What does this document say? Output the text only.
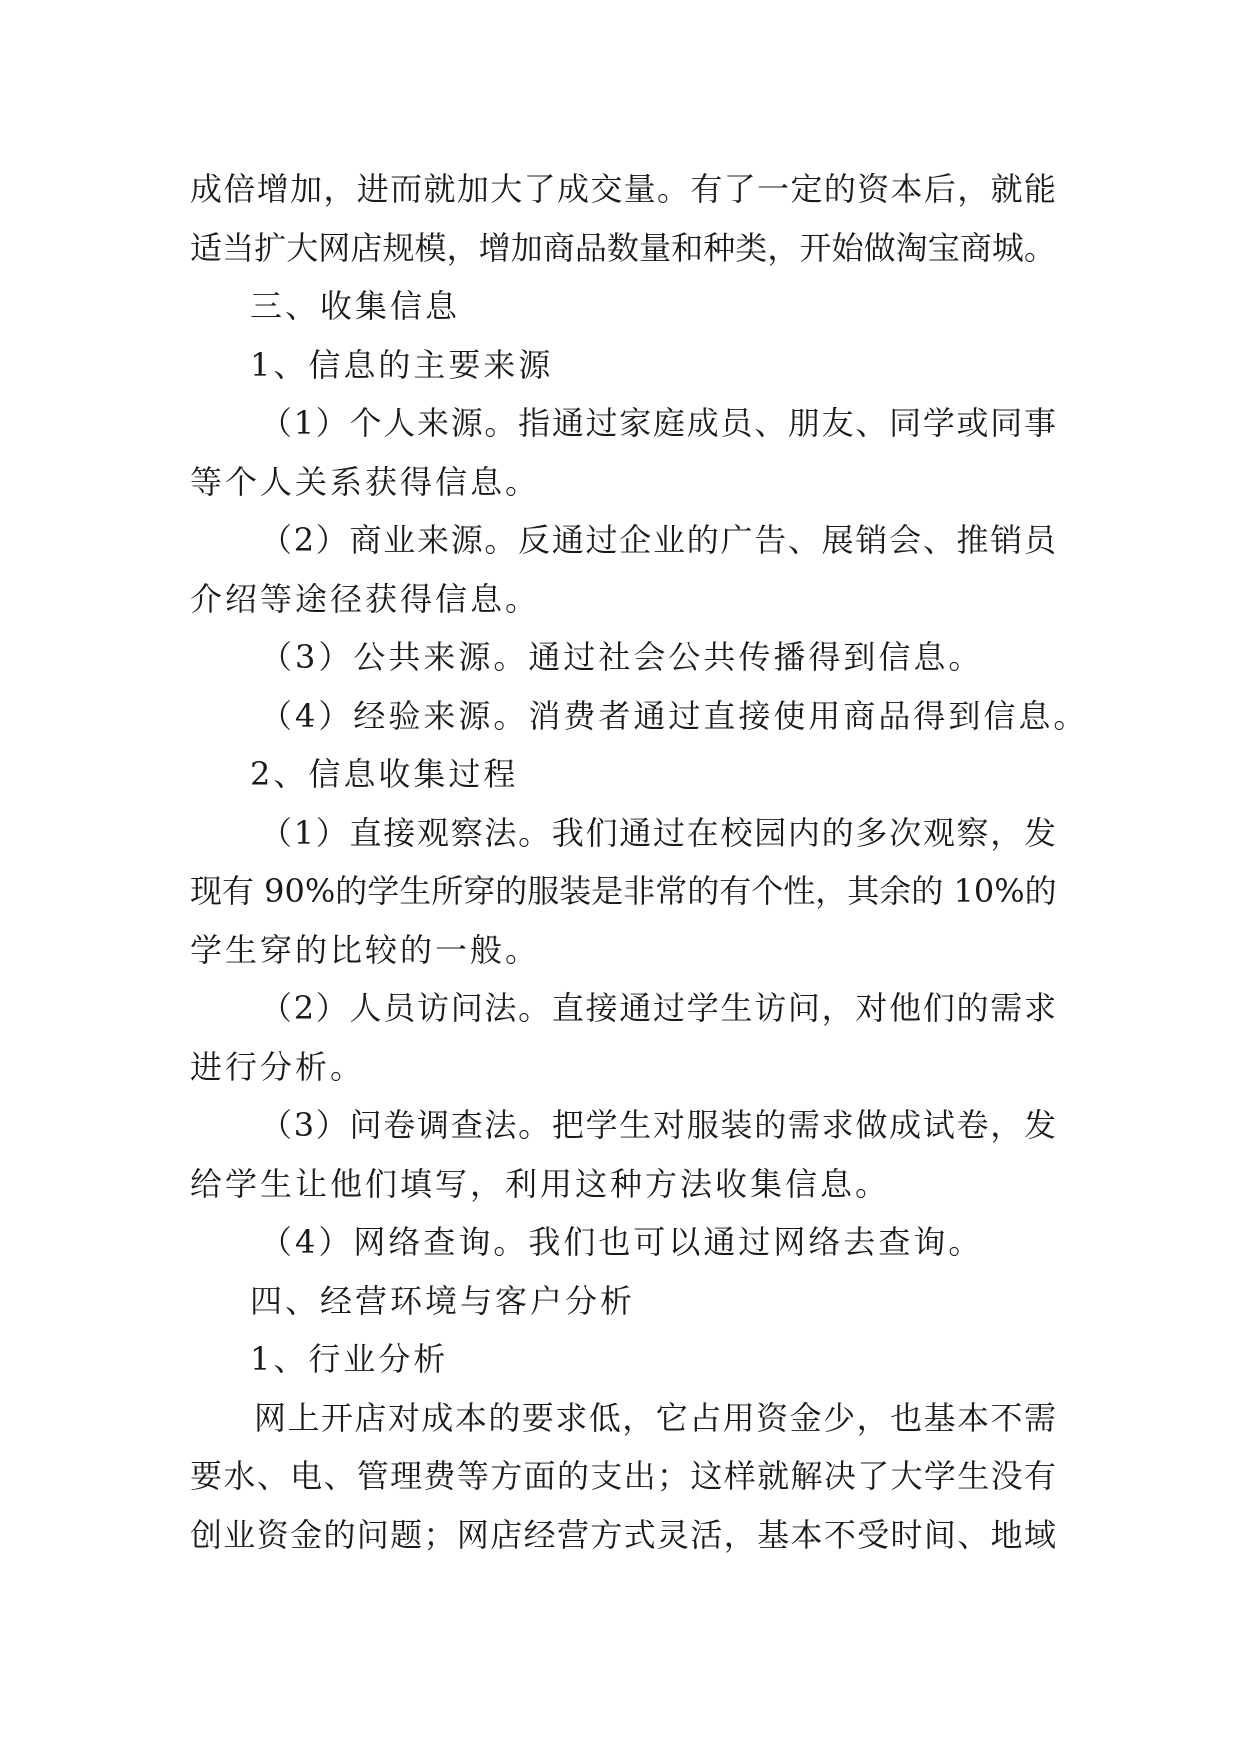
成倍增加，进而就加大了成交量。有了一定的资本后，就能
适当扩大网店规模，增加商品数量和种类，开始做淘宝商城。
三、收集信息
1、信息的主要来源
（1）个人来源。指通过家庭成员、朋友、同学或同事
等个人关系获得信息。
（2）商业来源。反通过企业的广告、展销会、推销员
介绍等途径获得信息。
（3）公共来源。通过社会公共传播得到信息。
（4）经验来源。消费者通过直接使用商品得到信息。
2、信息收集过程
（1）直接观察法。我们通过在校园内的多次观察，发
现有 90%的学生所穿的服装是非常的有个性，其余的 10%的
学生穿的比较的一般。
（2）人员访问法。直接通过学生访问，对他们的需求
进行分析。
（3）问卷调查法。把学生对服装的需求做成试卷，发
给学生让他们填写，利用这种方法收集信息。
（4）网络查询。我们也可以通过网络去查询。
四、经营环境与客户分析
1、行业分析
网上开店对成本的要求低，它占用资金少，也基本不需
要水、电、管理费等方面的支出；这样就解决了大学生没有
创业资金的问题；网店经营方式灵活，基本不受时间、地域
